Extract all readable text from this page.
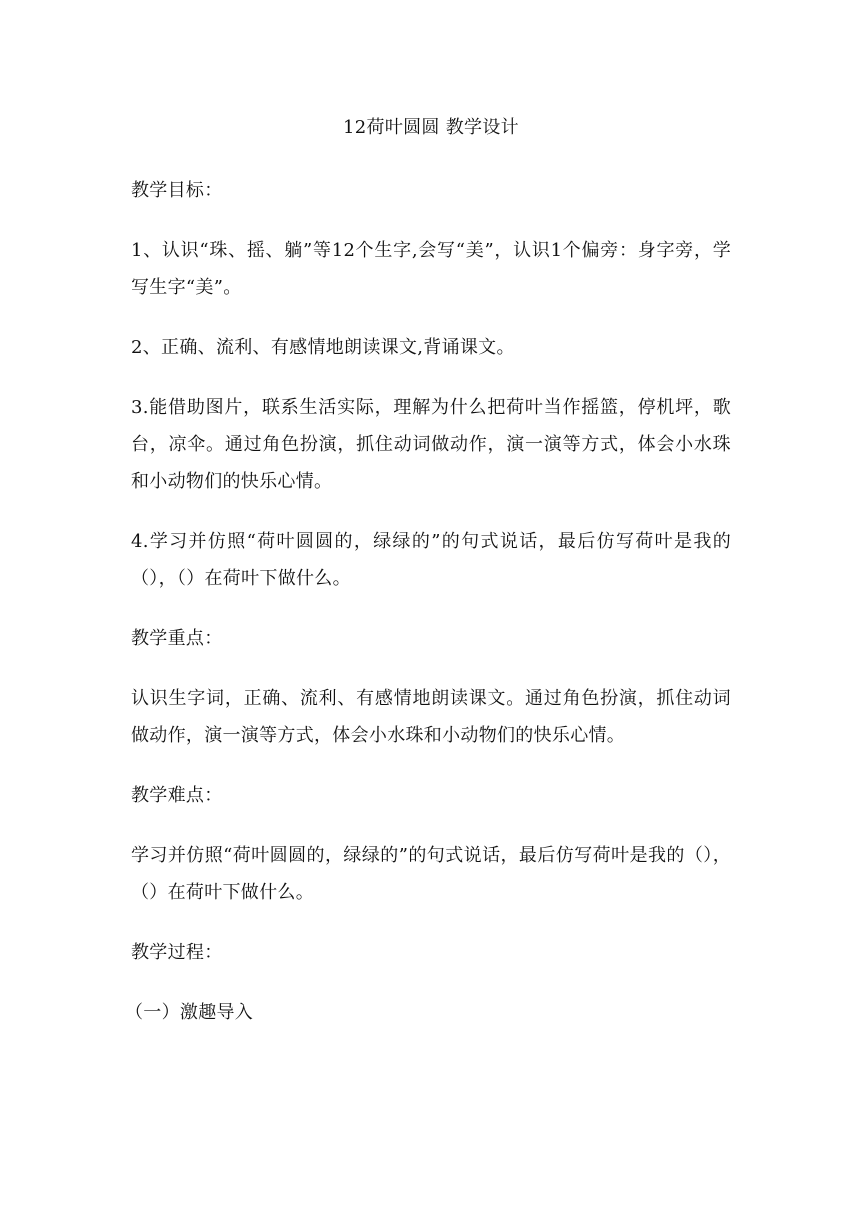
12荷叶圆圆 教学设计
教学目标：
1、认识“珠、摇、躺”等12个生字,会写“美”，认识1个偏旁：身字旁，学写生字“美”。
2、正确、流利、有感情地朗读课文,背诵课文。
3.能借助图片，联系生活实际，理解为什么把荷叶当作摇篮，停机坪，歌台，凉伞。通过角色扮演，抓住动词做动作，演一演等方式，体会小水珠和小动物们的快乐心情。
4.学习并仿照“荷叶圆圆的，绿绿的”的句式说话，最后仿写荷叶是我的（），（）在荷叶下做什么。
教学重点：
认识生字词，正确、流利、有感情地朗读课文。通过角色扮演，抓住动词做动作，演一演等方式，体会小水珠和小动物们的快乐心情。
教学难点：
学习并仿照“荷叶圆圆的，绿绿的”的句式说话，最后仿写荷叶是我的（），（）在荷叶下做什么。
教学过程：
（一）激趣导入
